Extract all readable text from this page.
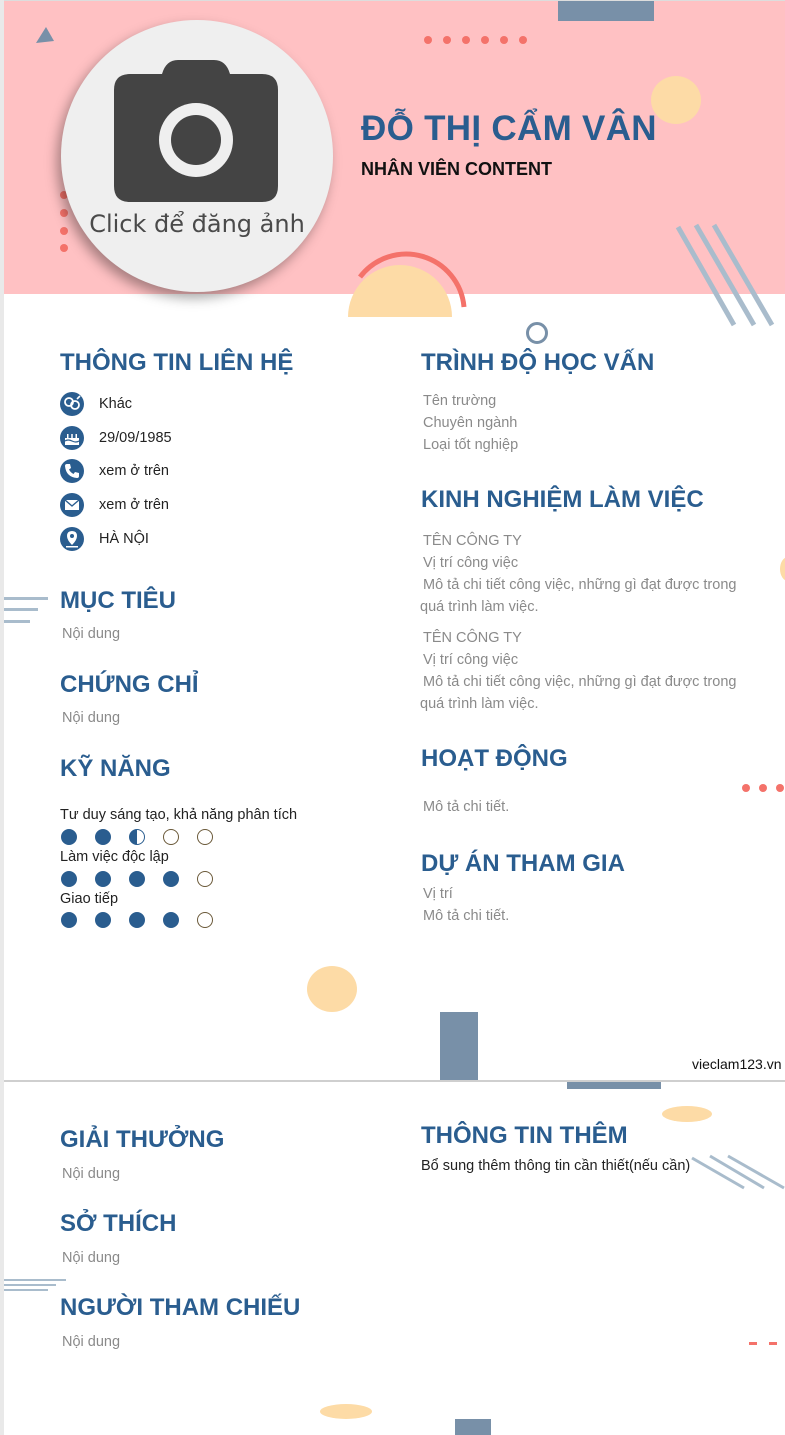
Click để đăng ảnh
ĐỖ THỊ CẨM VÂN
NHÂN VIÊN CONTENT
THÔNG TIN LIÊN HỆ
Khác
29/09/1985
xem ở trên
xem ở trên
HÀ NỘI
MỤC TIÊU
Nội dung
CHỨNG CHỈ
Nội dung
KỸ NĂNG
Tư duy sáng tạo, khả năng phân tích
Làm việc độc lập
Giao tiếp
TRÌNH ĐỘ HỌC VẤN
Tên trường
Chuyên ngành
Loại tốt nghiệp
KINH NGHIỆM LÀM VIỆC
TÊN CÔNG TY
Vị trí công việc
Mô tả chi tiết công việc, những gì đạt được trong quá trình làm việc.
TÊN CÔNG TY
Vị trí công việc
Mô tả chi tiết công việc, những gì đạt được trong quá trình làm việc.
HOẠT ĐỘNG
Mô tả chi tiết.
DỰ ÁN THAM GIA
Vị trí
Mô tả chi tiết.
vieclam123.vn
GIẢI THƯỞNG
Nội dung
SỞ THÍCH
Nội dung
NGƯỜI THAM CHIẾU
Nội dung
THÔNG TIN THÊM
Bổ sung thêm thông tin cần thiết(nếu cần)
